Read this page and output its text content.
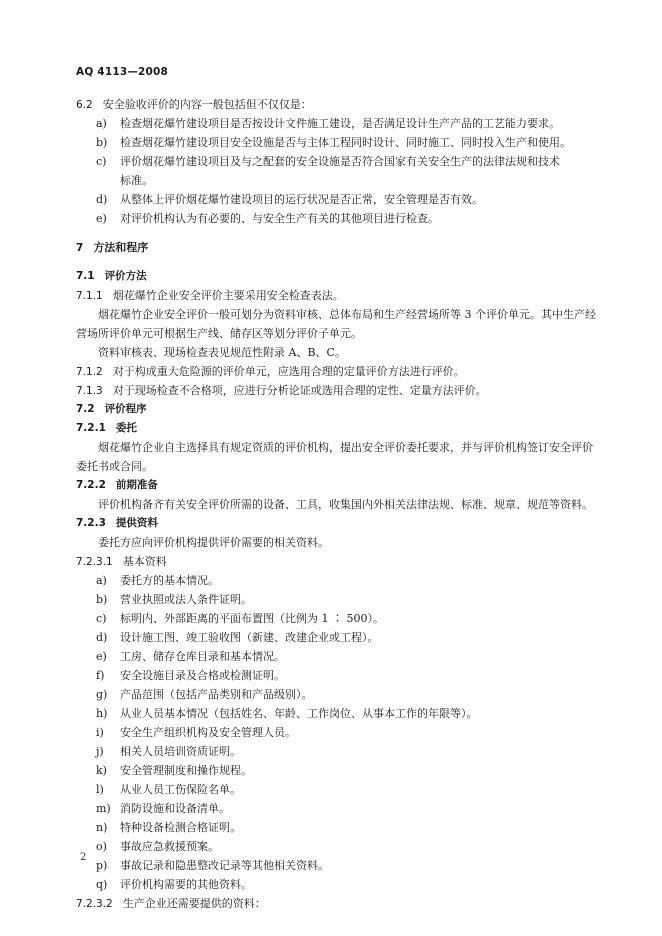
AQ 4113—2008
6.2 安全验收评价的内容一般包括但不仅仅是：
a) 检查烟花爆竹建设项目是否按设计文件施工建设，是否满足设计生产产品的工艺能力要求。
b) 检查烟花爆竹建设项目安全设施是否与主体工程同时设计、同时施工、同时投入生产和使用。
c) 评价烟花爆竹建设项目及与之配套的安全设施是否符合国家有关安全生产的法律法规和技术
标准。
d) 从整体上评价烟花爆竹建设项目的运行状况是否正常，安全管理是否有效。
e) 对评价机构认为有必要的、与安全生产有关的其他项目进行检查。
7 方法和程序
7.1 评价方法
7.1.1 烟花爆竹企业安全评价主要采用安全检查表法。
烟花爆竹企业安全评价一般可划分为资料审核、总体布局和生产经营场所等 3 个评价单元。其中生产经营场所评价单元可根据生产线、储存区等划分评价子单元。
资料审核表、现场检查表见规范性附录 A、B、C。
7.1.2 对于构成重大危险源的评价单元，应选用合理的定量评价方法进行评价。
7.1.3 对于现场检查不合格项，应进行分析论证或选用合理的定性、定量方法评价。
7.2 评价程序
7.2.1 委托
烟花爆竹企业自主选择具有规定资质的评价机构，提出安全评价委托要求，并与评价机构签订安全评价委托书或合同。
7.2.2 前期准备
评价机构备齐有关安全评价所需的设备、工具，收集国内外相关法律法规、标准、规章、规范等资料。
7.2.3 提供资料
委托方应向评价机构提供评价需要的相关资料。
7.2.3.1 基本资料
a) 委托方的基本情况。
b) 营业执照或法人条件证明。
c) 标明内、外部距离的平面布置图（比例为 1 ∶ 500）。
d) 设计施工图、竣工验收图（新建、改建企业或工程）。
e) 工房、储存仓库目录和基本情况。
f) 安全设施目录及合格或检测证明。
g) 产品范围（包括产品类别和产品级别）。
h) 从业人员基本情况（包括姓名、年龄、工作岗位、从事本工作的年限等）。
i) 安全生产组织机构及安全管理人员。
j) 相关人员培训资质证明。
k) 安全管理制度和操作规程。
l) 从业人员工伤保险名单。
m) 消防设施和设备清单。
n) 特种设备检测合格证明。
o) 事故应急救援预案。
p) 事故记录和隐患整改记录等其他相关资料。
q) 评价机构需要的其他资料。
7.2.3.2 生产企业还需要提供的资料：
2
